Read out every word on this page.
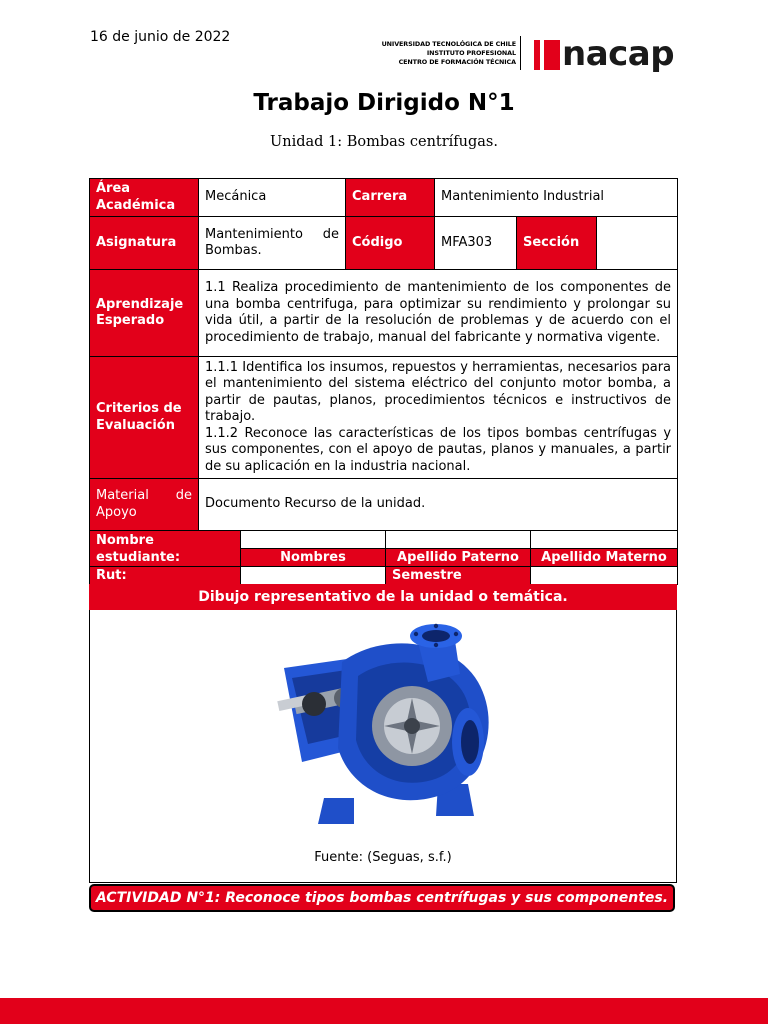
16 de junio de 2022	UNIVERSIDAD TECNOLÓGICA DE CHILE
INSTITUTO PROFESIONAL
CENTRO DE FORMACIÓN TÉCNICA	nacap
Trabajo Dirigido N°1
Unidad 1: Bombas centrífugas.
Área Académica	Mecánica	Carrera	Mantenimiento Industrial		
Asignatura	Mantenimiento de Bombas.	Código	MFA303	Sección	
Aprendizaje Esperado	1.1 Realiza procedimiento de mantenimiento de los componentes de una bomba centrifuga, para optimizar su rendimiento y prolongar su vida útil, a partir de la resolución de problemas y de acuerdo con el procedimiento de trabajo, manual del fabricante y normativa vigente.				
Criterios de Evaluación	1.1.1 Identifica los insumos, repuestos y herramientas, necesarios para el mantenimiento del sistema eléctrico del conjunto motor bomba, a partir de pautas, planos, procedimientos técnicos e instructivos de trabajo.
1.1.2 Reconoce las características de los tipos bombas centrífugas y sus componentes, con el apoyo de pautas, planos y manuales, a partir de su aplicación en la industria nacional.				

Material de Apoyo	Documento Recurso de la unidad.				
Nombre estudiante:			
	Nombres	Apellido Paterno	Apellido Materno
Rut:		Semestre	
Dibujo representativo de la unidad o temática.
Fuente: (Seguas, s.f.)
ACTIVIDAD N°1: Reconoce tipos bombas centrífugas y sus componentes.
